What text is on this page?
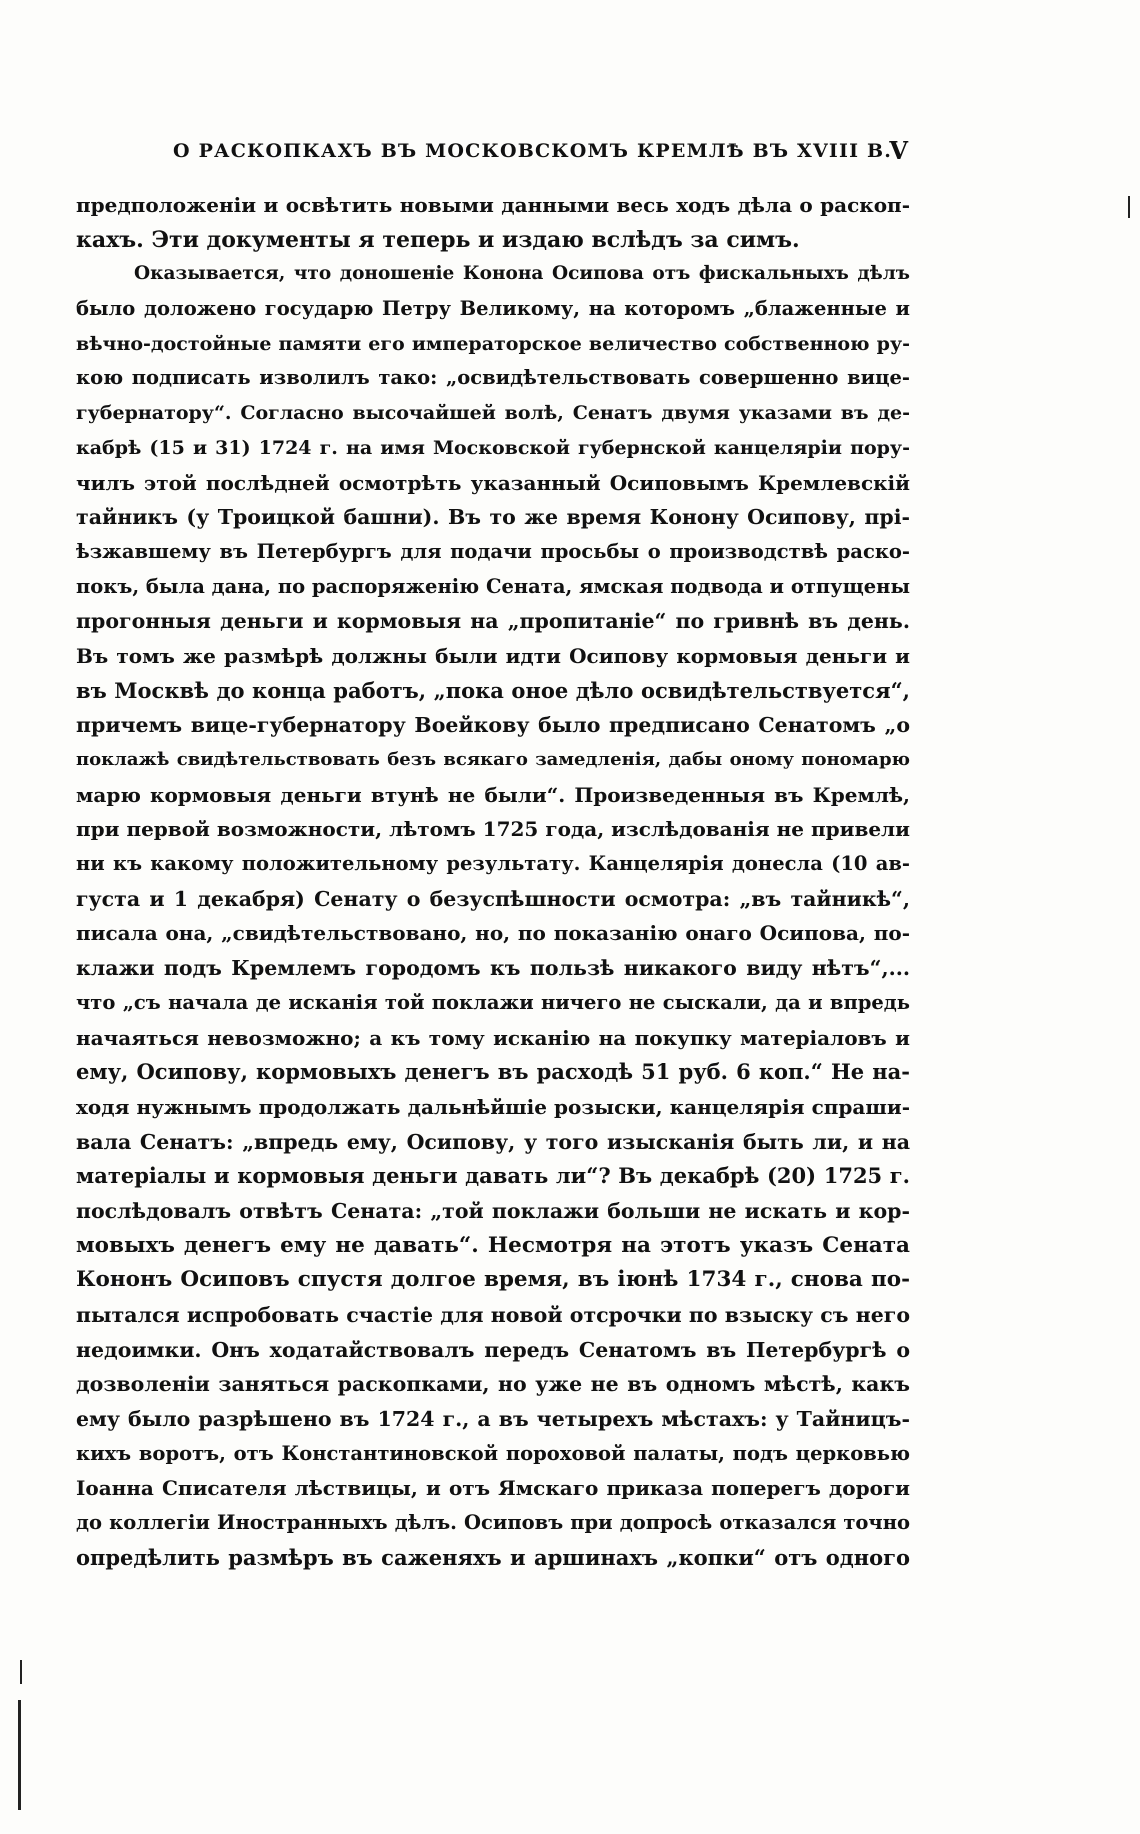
О РАСКОПКАХЪ ВЪ МОСКОВСКОМЪ КРЕМЛѢ ВЪ XVIII В.
V
предположеніи и освѣтить новыми данными весь ходъ дѣла о раскоп-
кахъ. Эти документы я теперь и издаю вслѣдъ за симъ.
Оказывается, что доношеніе Конона Осипова отъ фискальныхъ дѣлъ
было доложено государю Петру Великому, на которомъ „блаженные и
вѣчно-достойные памяти его императорское величество собственною ру-
кою подписать изволилъ тако: „освидѣтельствовать совершенно вице-
губернатору“. Согласно высочайшей волѣ, Сенатъ двумя указами въ де-
кабрѣ (15 и 31) 1724 г. на имя Московской губернской канцеляріи пору-
чилъ этой послѣдней осмотрѣть указанный Осиповымъ Кремлевскій
тайникъ (у Троицкой башни). Въ то же время Конону Осипову, прі-
ѣзжавшему въ Петербургъ для подачи просьбы о производствѣ раско-
покъ, была дана, по распоряженію Сената, ямская подвода и отпущены
прогонныя деньги и кормовыя на „пропитаніе“ по гривнѣ въ день.
Въ томъ же размѣрѣ должны были идти Осипову кормовыя деньги и
въ Москвѣ до конца работъ, „пока оное дѣло освидѣтельствуется“,
причемъ вице-губернатору Воейкову было предписано Сенатомъ „о
поклажѣ свидѣтельствовать безъ всякаго замедленія, дабы оному пономарю
марю кормовыя деньги втунѣ не были“. Произведенныя въ Кремлѣ,
при первой возможности, лѣтомъ 1725 года, изслѣдованія не привели
ни къ какому положительному результату. Канцелярія донесла (10 ав-
густа и 1 декабря) Сенату о безуспѣшности осмотра: „въ тайникѣ“,
писала она, „свидѣтельствовано, но, по показанію онаго Осипова, по-
клажи подъ Кремлемъ городомъ къ пользѣ никакого виду нѣтъ“,...
что „съ начала де исканія той поклажи ничего не сыскали, да и впредь
начаяться невозможно; а къ тому исканію на покупку матеріаловъ и
ему, Осипову, кормовыхъ денегъ въ расходѣ 51 руб. 6 коп.“ Не на-
ходя нужнымъ продолжать дальнѣйшіе розыски, канцелярія спраши-
вала Сенатъ: „впредь ему, Осипову, у того изысканія быть ли, и на
матеріалы и кормовыя деньги давать ли“? Въ декабрѣ (20) 1725 г.
послѣдовалъ отвѣтъ Сената: „той поклажи больши не искать и кор-
мовыхъ денегъ ему не давать“. Несмотря на этотъ указъ Сената
Кононъ Осиповъ спустя долгое время, въ іюнѣ 1734 г., снова по-
пытался испробовать счастіе для новой отсрочки по взыску съ него
недоимки. Онъ ходатайствовалъ передъ Сенатомъ въ Петербургѣ о
дозволеніи заняться раскопками, но уже не въ одномъ мѣстѣ, какъ
ему было разрѣшено въ 1724 г., а въ четырехъ мѣстахъ: у Тайницъ-
кихъ воротъ, отъ Константиновской пороховой палаты, подъ церковью
Іоанна Списателя лѣствицы, и отъ Ямскаго приказа поперегъ дороги
до коллегіи Иностранныхъ дѣлъ. Осиповъ при допросѣ отказался точно
опредѣлить размѣръ въ саженяхъ и аршинахъ „копки“ отъ одного
